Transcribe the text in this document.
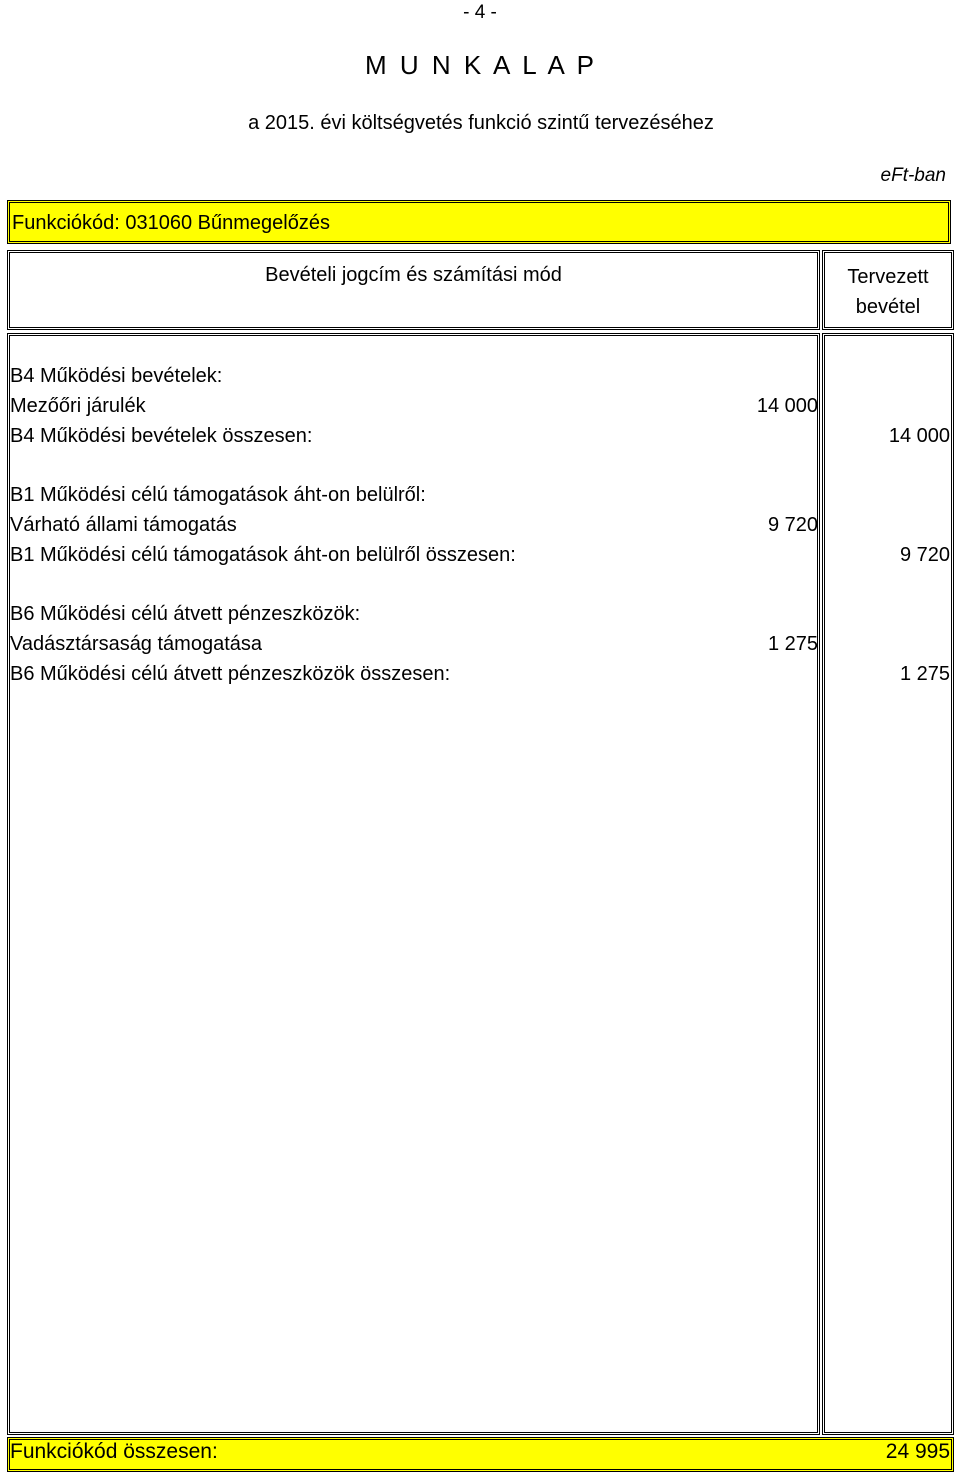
- 4 -
M U N K A L A P
a 2015. évi költségvetés funkció szintű tervezéséhez
eFt-ban
Funkciókód: 031060 Bűnmegelőzés
Bevételi jogcím és számítási mód	Tervezett
bevétel
B4 Működési bevételek:
Mezőőri járulék	14 000
B4 Működési bevételek összesen:	14 000
B1 Működési célú támogatások áht-on belülről:
Várható állami támogatás	9 720
B1 Működési célú támogatások áht-on belülről összesen:	9 720
B6 Működési célú átvett pénzeszközök:
Vadásztársaság támogatása	1 275
B6 Működési célú átvett pénzeszközök összesen:	1 275
Funkciókód összesen:	24 995
